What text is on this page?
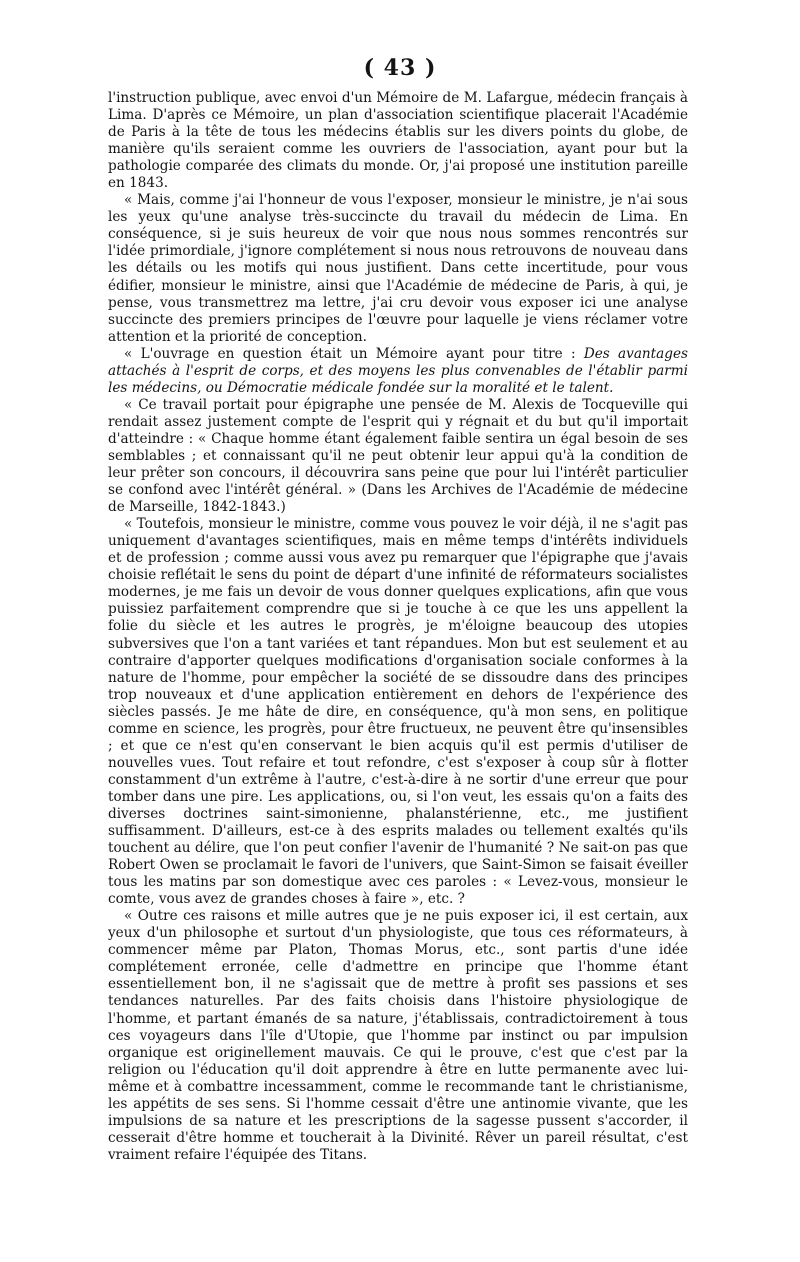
( 43 )

l'instruction publique, avec envoi d'un Mémoire de M. Lafargue, médecin français à Lima. D'après ce Mémoire, un plan d'association scientifique placerait l'Académie de Paris à la tête de tous les médecins établis sur les divers points du globe, de manière qu'ils seraient comme les ouvriers de l'association, ayant pour but la pathologie comparée des climats du monde. Or, j'ai proposé une institution pareille en 1843.

« Mais, comme j'ai l'honneur de vous l'exposer, monsieur le ministre, je n'ai sous les yeux qu'une analyse très-succincte du travail du médecin de Lima. En conséquence, si je suis heureux de voir que nous nous sommes rencontrés sur l'idée primordiale, j'ignore complétement si nous nous retrouvons de nouveau dans les détails ou les motifs qui nous justifient. Dans cette incertitude, pour vous édifier, monsieur le ministre, ainsi que l'Académie de médecine de Paris, à qui, je pense, vous transmettrez ma lettre, j'ai cru devoir vous exposer ici une analyse succincte des premiers principes de l'œuvre pour laquelle je viens réclamer votre attention et la priorité de conception.

« L'ouvrage en question était un Mémoire ayant pour titre : Des avantages attachés à l'esprit de corps, et des moyens les plus convenables de l'établir parmi les médecins, ou Démocratie médicale fondée sur la moralité et le talent.

« Ce travail portait pour épigraphe une pensée de M. Alexis de Tocqueville qui rendait assez justement compte de l'esprit qui y régnait et du but qu'il importait d'atteindre : « Chaque homme étant également faible sentira un égal besoin de ses semblables ; et connaissant qu'il ne peut obtenir leur appui qu'à la condition de leur prêter son concours, il découvrira sans peine que pour lui l'intérêt particulier se confond avec l'intérêt général. » (Dans les Archives de l'Académie de médecine de Marseille, 1842-1843.)

« Toutefois, monsieur le ministre, comme vous pouvez le voir déjà, il ne s'agit pas uniquement d'avantages scientifiques, mais en même temps d'intérêts individuels et de profession ; comme aussi vous avez pu remarquer que l'épigraphe que j'avais choisie reflétait le sens du point de départ d'une infinité de réformateurs socialistes modernes, je me fais un devoir de vous donner quelques explications, afin que vous puissiez parfaitement comprendre que si je touche à ce que les uns appellent la folie du siècle et les autres le progrès, je m'éloigne beaucoup des utopies subversives que l'on a tant variées et tant répandues. Mon but est seulement et au contraire d'apporter quelques modifications d'organisation sociale conformes à la nature de l'homme, pour empêcher la société de se dissoudre dans des principes trop nouveaux et d'une application entièrement en dehors de l'expérience des siècles passés. Je me hâte de dire, en conséquence, qu'à mon sens, en politique comme en science, les progrès, pour être fructueux, ne peuvent être qu'insensibles ; et que ce n'est qu'en conservant le bien acquis qu'il est permis d'utiliser de nouvelles vues. Tout refaire et tout refondre, c'est s'exposer à coup sûr à flotter constamment d'un extrême à l'autre, c'est-à-dire à ne sortir d'une erreur que pour tomber dans une pire. Les applications, ou, si l'on veut, les essais qu'on a faits des diverses doctrines saint-simonienne, phalanstérienne, etc., me justifient suffisamment. D'ailleurs, est-ce à des esprits malades ou tellement exaltés qu'ils touchent au délire, que l'on peut confier l'avenir de l'humanité ? Ne sait-on pas que Robert Owen se proclamait le favori de l'univers, que Saint-Simon se faisait éveiller tous les matins par son domestique avec ces paroles : « Levez-vous, monsieur le comte, vous avez de grandes choses à faire », etc. ?

« Outre ces raisons et mille autres que je ne puis exposer ici, il est certain, aux yeux d'un philosophe et surtout d'un physiologiste, que tous ces réformateurs, à commencer même par Platon, Thomas Morus, etc., sont partis d'une idée complétement erronée, celle d'admettre en principe que l'homme étant essentiellement bon, il ne s'agissait que de mettre à profit ses passions et ses tendances naturelles. Par des faits choisis dans l'histoire physiologique de l'homme, et partant émanés de sa nature, j'établissais, contradictoirement à tous ces voyageurs dans l'île d'Utopie, que l'homme par instinct ou par impulsion organique est originellement mauvais. Ce qui le prouve, c'est que c'est par la religion ou l'éducation qu'il doit apprendre à être en lutte permanente avec lui-même et à combattre incessamment, comme le recommande tant le christianisme, les appétits de ses sens. Si l'homme cessait d'être une antinomie vivante, que les impulsions de sa nature et les prescriptions de la sagesse pussent s'accorder, il cesserait d'être homme et toucherait à la Divinité. Rêver un pareil résultat, c'est vraiment refaire l'équipée des Titans.
